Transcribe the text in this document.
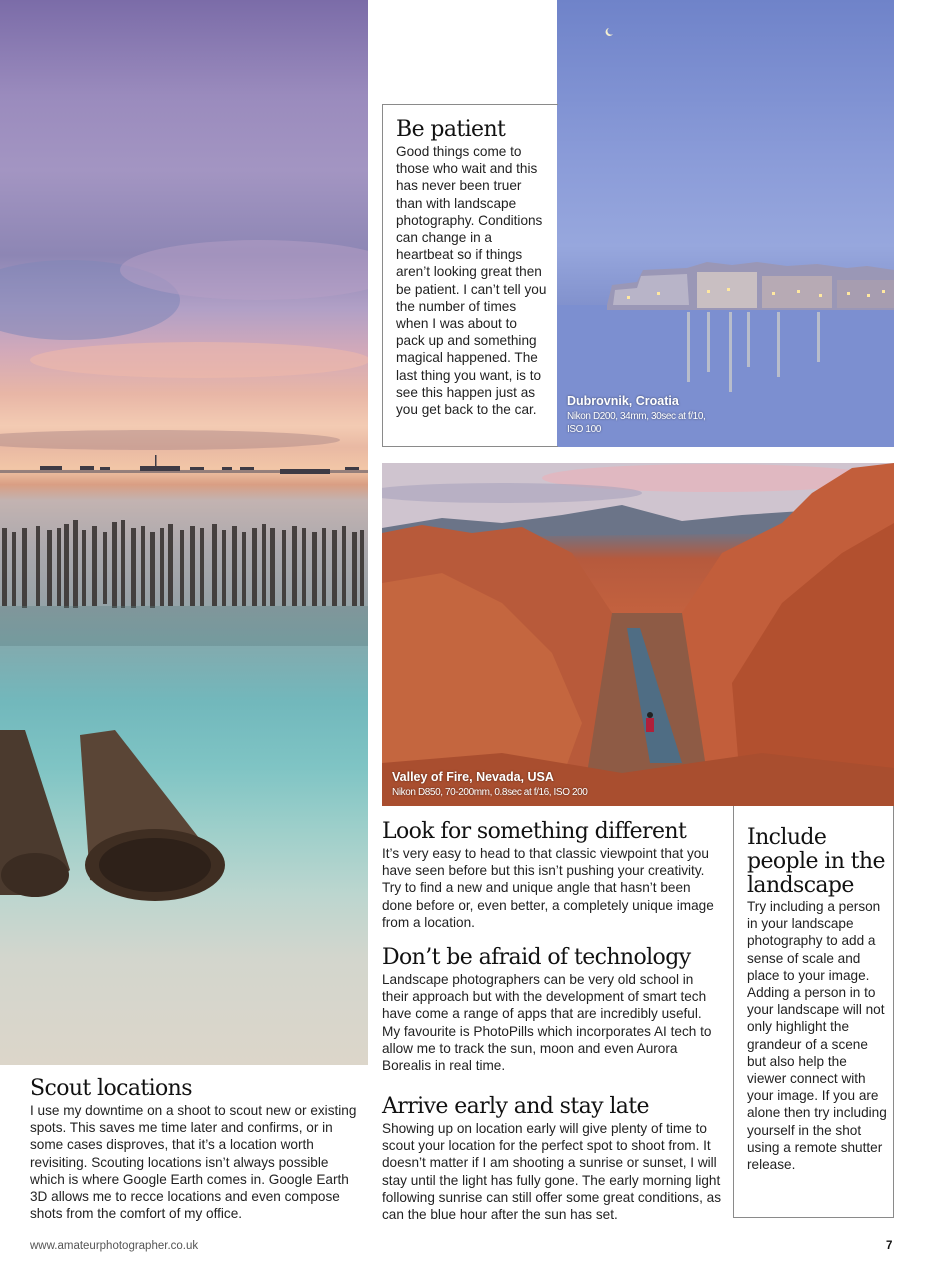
Dubrovnik, Croatia
Nikon D200, 34mm, 30sec at f/10, ISO 100
Be patient

Good things come to those who wait and this has never been truer than with landscape photography. Conditions can change in a heartbeat so if things aren’t looking great then be patient. I can’t tell you the number of times when I was about to pack up and something magical happened. The last thing you want, is to see this happen just as you get back to the car.

Valley of Fire, Nevada, USA
Nikon D850, 70-200mm, 0.8sec at f/16, ISO 200
Look for something different

It’s very easy to head to that classic viewpoint that you have seen before but this isn’t pushing your creativity. Try to find a new and unique angle that hasn’t been done before or, even better, a completely unique image from a location.

Don’t be afraid of technology

Landscape photographers can be very old school in their approach but with the development of smart tech have come a range of apps that are incredibly useful. My favourite is PhotoPills which incorporates AI tech to allow me to track the sun, moon and even Aurora Borealis in real time.

Arrive early and stay late

Showing up on location early will give plenty of time to scout your location for the perfect spot to shoot from. It doesn’t matter if I am shooting a sunrise or sunset, I will stay until the light has fully gone. The early morning light following sunrise can still offer some great conditions, as can the blue hour after the sun has set.

Include people in the landscape

Try including a person in your landscape photography to add a sense of scale and place to your image. Adding a person in to your landscape will not only highlight the grandeur of a scene but also help the viewer connect with your image. If you are alone then try including yourself in the shot using a remote shutter release.

Scout locations

I use my downtime on a shoot to scout new or existing spots. This saves me time later and confirms, or in some cases disproves, that it’s a location worth revisiting. Scouting locations isn’t always possible which is where Google Earth comes in. Google Earth 3D allows me to recce locations and even compose shots from the comfort of my office.

www.amateurphotographer.co.uk	7
